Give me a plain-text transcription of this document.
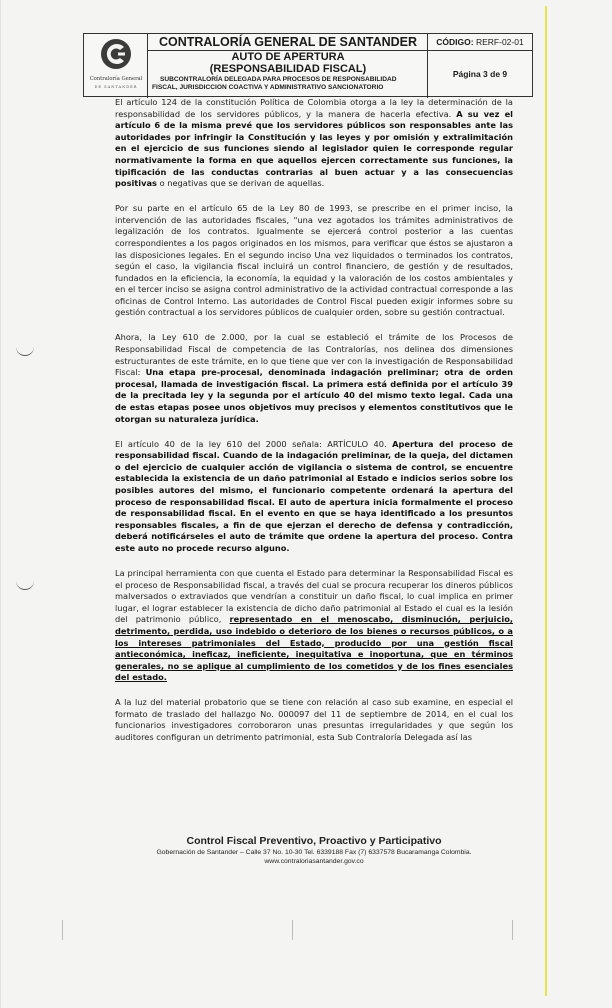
Contraloría General
DE SANTANDER
CONTRALORÍA GENERAL DE SANTANDER
AUTO DE APERTURA
(RESPONSABILIDAD FISCAL)
SUBCONTRALORÍA DELEGADA PARA PROCESOS DE RESPONSABILIDAD
FISCAL, JURISDICCION COACTIVA Y ADMINISTRATIVO SANCIONATORIO
CÓDIGO: RERF-02-01
Página 3 de 9

El artículo 124 de la constitución Política de Colombia otorga a la ley la determinación de la responsabilidad de los servidores públicos, y la manera de hacerla efectiva. A su vez el artículo 6 de la misma prevé que los servidores públicos son responsables ante las autoridades por infringir la Constitución y las leyes y por omisión y extralimitación en el ejercicio de sus funciones siendo al legislador quien le corresponde regular normativamente la forma en que aquellos ejercen correctamente sus funciones, la tipificación de las conductas contrarias al buen actuar y a las consecuencias positivas o negativas que se derivan de aquellas.

Por su parte en el artículo 65 de la Ley 80 de 1993, se prescribe en el primer inciso, la intervención de las autoridades fiscales, "una vez agotados los trámites administrativos de legalización de los contratos. Igualmente se ejercerá control posterior a las cuentas correspondientes a los pagos originados en los mismos, para verificar que éstos se ajustaron a las disposiciones legales. En el segundo inciso Una vez liquidados o terminados los contratos, según el caso, la vigilancia fiscal incluirá un control financiero, de gestión y de resultados, fundados en la eficiencia, la economía, la equidad y la valoración de los costos ambientales y en el tercer inciso se asigna control administrativo de la actividad contractual corresponde a las oficinas de Control Interno. Las autoridades de Control Fiscal pueden exigir informes sobre su gestión contractual a los servidores públicos de cualquier orden, sobre su gestión contractual.

Ahora, la Ley 610 de 2.000, por la cual se estableció el trámite de los Procesos de Responsabilidad Fiscal de competencia de las Contralorías, nos delinea dos dimensiones estructurantes de este trámite, en lo que tiene que ver con la investigación de Responsabilidad Fiscal: Una etapa pre-procesal, denominada indagación preliminar; otra de orden procesal, llamada de investigación fiscal. La primera está definida por el artículo 39 de la precitada ley y la segunda por el artículo 40 del mismo texto legal. Cada una de estas etapas posee unos objetivos muy precisos y elementos constitutivos que le otorgan su naturaleza jurídica.

El artículo 40 de la ley 610 del 2000 señala: ARTÍCULO 40. Apertura del proceso de responsabilidad fiscal. Cuando de la indagación preliminar, de la queja, del dictamen o del ejercicio de cualquier acción de vigilancia o sistema de control, se encuentre establecida la existencia de un daño patrimonial al Estado e indicios serios sobre los posibles autores del mismo, el funcionario competente ordenará la apertura del proceso de responsabilidad fiscal. El auto de apertura inicia formalmente el proceso de responsabilidad fiscal. En el evento en que se haya identificado a los presuntos responsables fiscales, a fin de que ejerzan el derecho de defensa y contradicción, deberá notificárseles el auto de trámite que ordene la apertura del proceso. Contra este auto no procede recurso alguno.

La principal herramienta con que cuenta el Estado para determinar la Responsabilidad Fiscal es el proceso de Responsabilidad fiscal, a través del cual se procura recuperar los dineros públicos malversados o extraviados que vendrían a constituir un daño fiscal, lo cual implica en primer lugar, el lograr establecer la existencia de dicho daño patrimonial al Estado el cual es la lesión del patrimonio público, representado en el menoscabo, disminución, perjuicio, detrimento, perdida, uso indebido o deterioro de los bienes o recursos públicos, o a los intereses patrimoniales del Estado, producido por una gestión fiscal antieconómica, ineficaz, ineficiente, inequitativa e inoportuna, que en términos generales, no se aplique al cumplimiento de los cometidos y de los fines esenciales del estado.

A la luz del material probatorio que se tiene con relación al caso sub examine, en especial el formato de traslado del hallazgo No. 000097 del 11 de septiembre de 2014, en el cual los funcionarios investigadores corroboraron unas presuntas irregularidades y que según los auditores configuran un detrimento patrimonial, esta Sub Contraloría Delegada así las

Control Fiscal Preventivo, Proactivo y Participativo
Gobernación de Santander – Calle 37 No. 10-30 Tel. 6339188 Fax (7) 6337578 Bucaramanga Colombia.
www.contraloriasantander.gov.co
